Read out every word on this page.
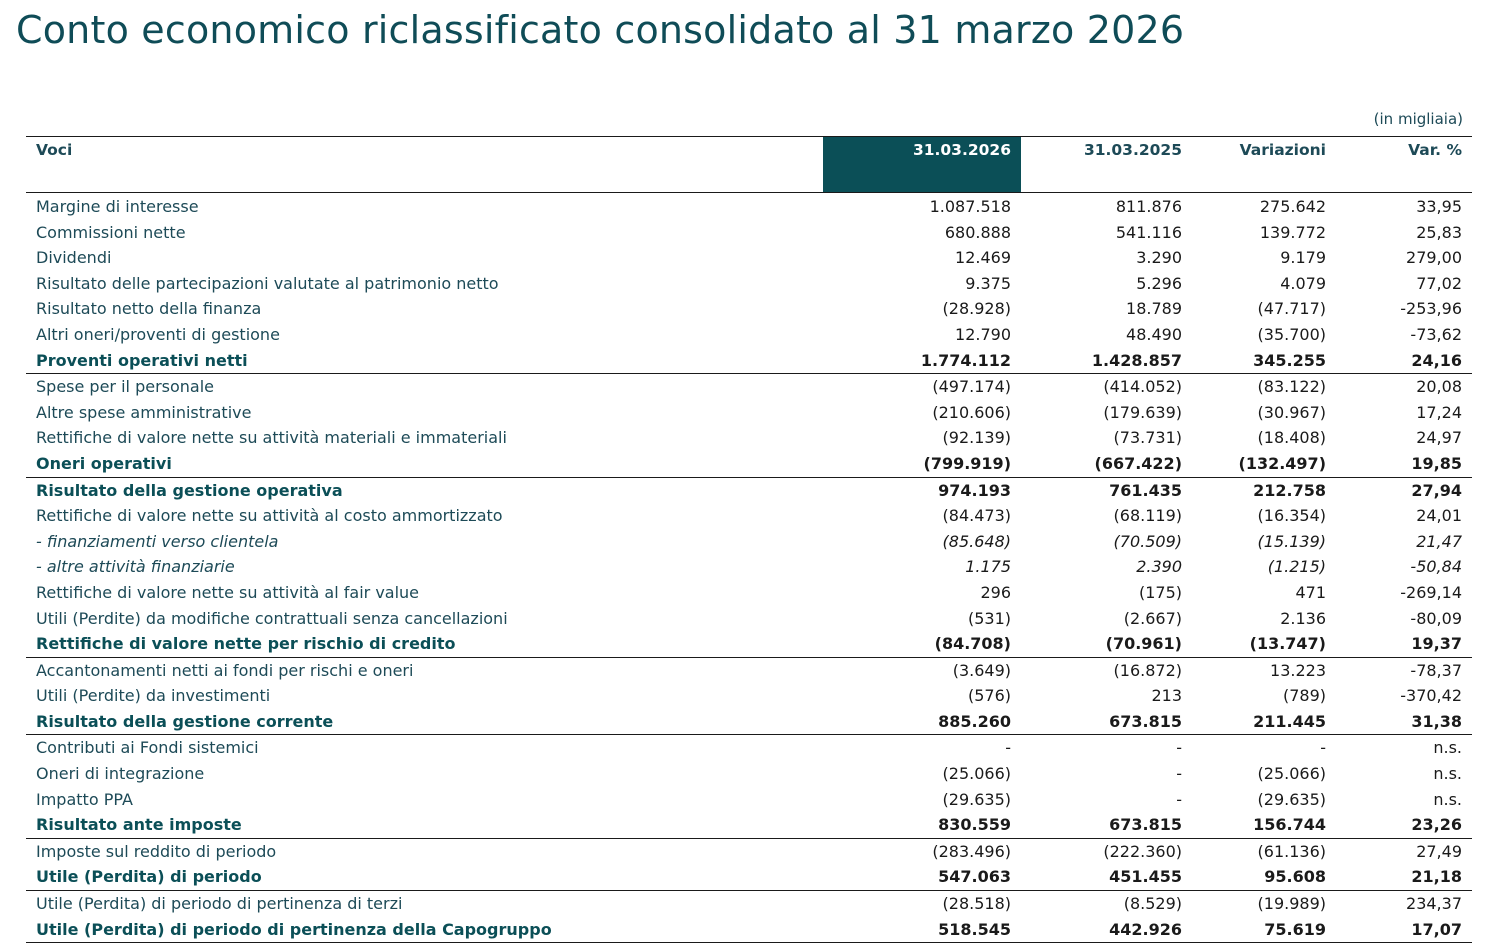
Conto economico riclassificato consolidato al 31 marzo 2026
(in migliaia)
Voci	31.03.2026	31.03.2025	Variazioni	Var. %
Margine di interesse	1.087.518	811.876	275.642	33,95
Commissioni nette	680.888	541.116	139.772	25,83
Dividendi	12.469	3.290	9.179	279,00
Risultato delle partecipazioni valutate al patrimonio netto	9.375	5.296	4.079	77,02
Risultato netto della finanza	(28.928)	18.789	(47.717)	-253,96
Altri oneri/proventi di gestione	12.790	48.490	(35.700)	-73,62
Proventi operativi netti	1.774.112	1.428.857	345.255	24,16
Spese per il personale	(497.174)	(414.052)	(83.122)	20,08
Altre spese amministrative	(210.606)	(179.639)	(30.967)	17,24
Rettifiche di valore nette su attività materiali e immateriali	(92.139)	(73.731)	(18.408)	24,97
Oneri operativi	(799.919)	(667.422)	(132.497)	19,85
Risultato della gestione operativa	974.193	761.435	212.758	27,94
Rettifiche di valore nette su attività al costo ammortizzato	(84.473)	(68.119)	(16.354)	24,01
- finanziamenti verso clientela	(85.648)	(70.509)	(15.139)	21,47
- altre attività finanziarie	1.175	2.390	(1.215)	-50,84
Rettifiche di valore nette su attività al fair value	296	(175)	471	-269,14
Utili (Perdite) da modifiche contrattuali senza cancellazioni	(531)	(2.667)	2.136	-80,09
Rettifiche di valore nette per rischio di credito	(84.708)	(70.961)	(13.747)	19,37
Accantonamenti netti ai fondi per rischi e oneri	(3.649)	(16.872)	13.223	-78,37
Utili (Perdite) da investimenti	(576)	213	(789)	-370,42
Risultato della gestione corrente	885.260	673.815	211.445	31,38
Contributi ai Fondi sistemici	-	-	-	n.s.
Oneri di integrazione	(25.066)	-	(25.066)	n.s.
Impatto PPA	(29.635)	-	(29.635)	n.s.
Risultato ante imposte	830.559	673.815	156.744	23,26
Imposte sul reddito di periodo	(283.496)	(222.360)	(61.136)	27,49
Utile (Perdita) di periodo	547.063	451.455	95.608	21,18
Utile (Perdita) di periodo di pertinenza di terzi	(28.518)	(8.529)	(19.989)	234,37
Utile (Perdita) di periodo di pertinenza della Capogruppo	518.545	442.926	75.619	17,07
